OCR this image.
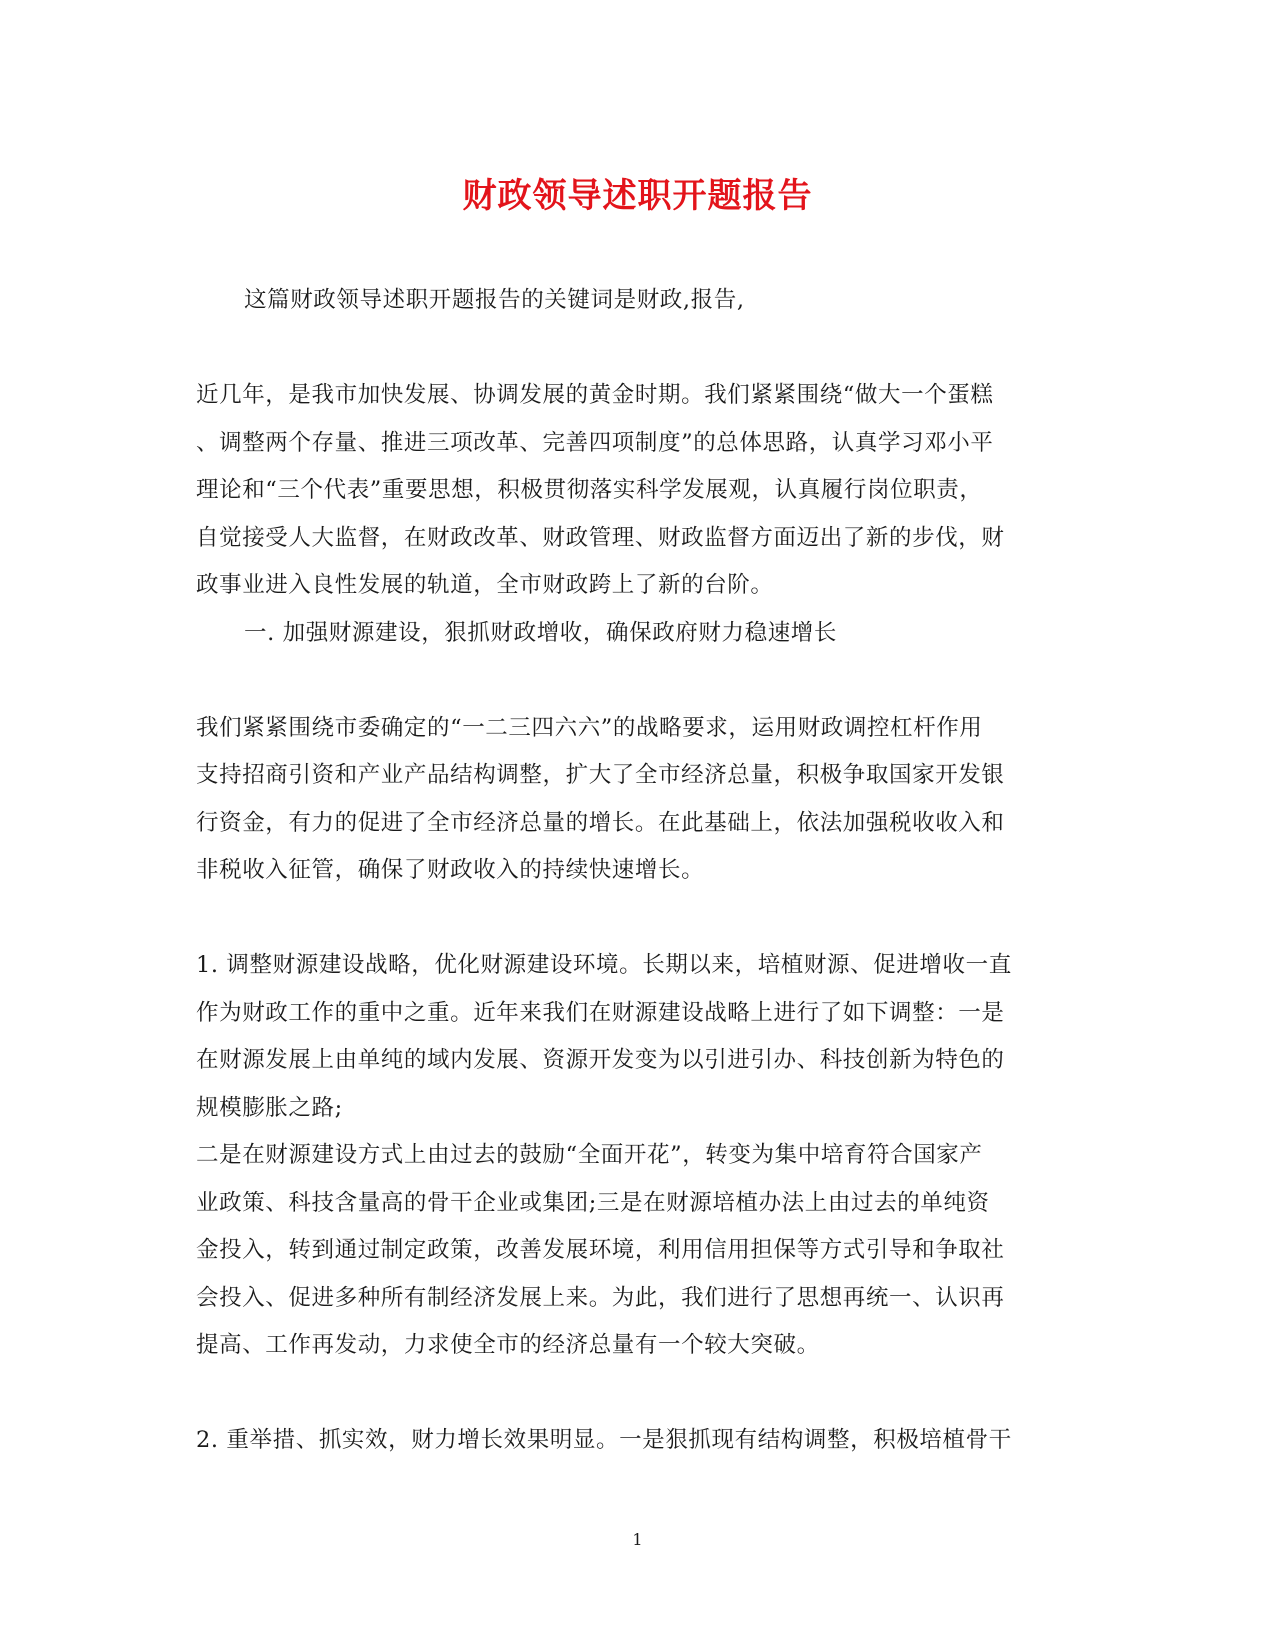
财政领导述职开题报告

这篇财政领导述职开题报告的关键词是财政,报告,

近几年，是我市加快发展、协调发展的黄金时期。我们紧紧围绕“做大一个蛋糕

、调整两个存量、推进三项改革、完善四项制度”的总体思路，认真学习邓小平

理论和“三个代表”重要思想，积极贯彻落实科学发展观，认真履行岗位职责，

自觉接受人大监督，在财政改革、财政管理、财政监督方面迈出了新的步伐，财

政事业进入良性发展的轨道，全市财政跨上了新的台阶。

一. 加强财源建设，狠抓财政增收，确保政府财力稳速增长

我们紧紧围绕市委确定的“一二三四六六”的战略要求，运用财政调控杠杆作用

支持招商引资和产业产品结构调整，扩大了全市经济总量，积极争取国家开发银

行资金，有力的促进了全市经济总量的增长。在此基础上，依法加强税收收入和

非税收入征管，确保了财政收入的持续快速增长。

1. 调整财源建设战略，优化财源建设环境。长期以来，培植财源、促进增收一直

作为财政工作的重中之重。近年来我们在财源建设战略上进行了如下调整：一是

在财源发展上由单纯的域内发展、资源开发变为以引进引办、科技创新为特色的

规模膨胀之路;

二是在财源建设方式上由过去的鼓励“全面开花”，转变为集中培育符合国家产

业政策、科技含量高的骨干企业或集团;三是在财源培植办法上由过去的单纯资

金投入，转到通过制定政策，改善发展环境，利用信用担保等方式引导和争取社

会投入、促进多种所有制经济发展上来。为此，我们进行了思想再统一、认识再

提高、工作再发动，力求使全市的经济总量有一个较大突破。

2. 重举措、抓实效，财力增长效果明显。一是狠抓现有结构调整，积极培植骨干

1
